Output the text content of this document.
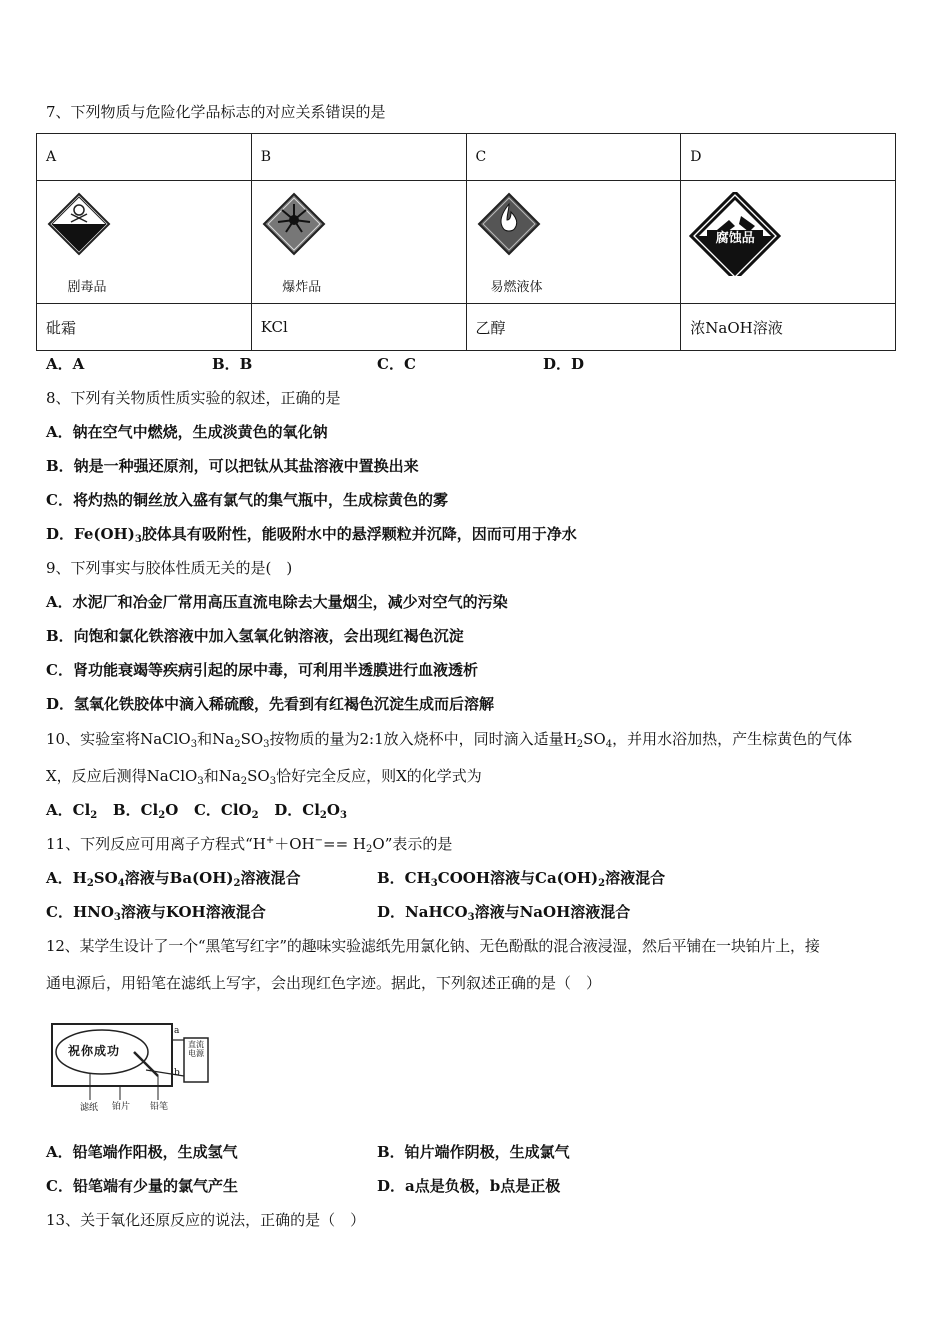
7、下列物质与危险化学品标志的对应关系错误的是
A	B	C	D

剧毒品	爆炸品	易燃液体	腐蚀品

砒霜	KCl	乙醇	浓NaOH溶液
A．A	B．B	C．C	D．D
8、下列有关物质性质实验的叙述，正确的是
A．钠在空气中燃烧，生成淡黄色的氧化钠
B．钠是一种强还原剂，可以把钛从其盐溶液中置换出来
C．将灼热的铜丝放入盛有氯气的集气瓶中，生成棕黄色的雾
D．$Fe(OH)_3$胶体具有吸附性，能吸附水中的悬浮颗粒并沉降，因而可用于净水
9、下列事实与胶体性质无关的是(　)
A．水泥厂和冶金厂常用高压直流电除去大量烟尘，减少对空气的污染
B．向饱和氯化铁溶液中加入氢氧化钠溶液，会出现红褐色沉淀
C．肾功能衰竭等疾病引起的尿中毒，可利用半透膜进行血液透析
D．氢氧化铁胶体中滴入稀硫酸，先看到有红褐色沉淀生成而后溶解
10、实验室将NaClO$_3$和$Na_2SO_3$按物质的量为2:1放入烧杯中，同时滴入适量$H_2SO_4$，并用水浴加热，产生棕黄色的气体
X，反应后测得NaClO$_3$和$Na_2SO_3$恰好完全反应，则X的化学式为
A．$Cl_2$ B．$Cl_2O$ C．ClO$_2$ D．$Cl_2O_3$
11、下列反应可用离子方程式“$H^++OH^-== H_2O$”表示的是
A．$H_2SO_4$溶液与$Ba(OH)_2$溶液混合	B．$CH_3COOH$溶液与$Ca(OH)_2$溶液混合
C．$HNO_3$溶液与KOH溶液混合	D．NaHCO$_3$溶液与NaOH溶液混合
12、某学生设计了一个“黑笔写红字”的趣味实验滤纸先用氯化钠、无色酚酞的混合液浸湿，然后平铺在一块铂片上，接
通电源后，用铅笔在滤纸上写字，会出现红色字迹。据此，下列叙述正确的是（　）
祝你成功	直流电源
a
b
滤纸 铂片 铅笔
A．铅笔端作阳极，生成氢气	B．铂片端作阴极，生成氯气
C．铅笔端有少量的氯气产生	D．a点是负极，b点是正极
13、关于氧化还原反应的说法，正确的是（　）
